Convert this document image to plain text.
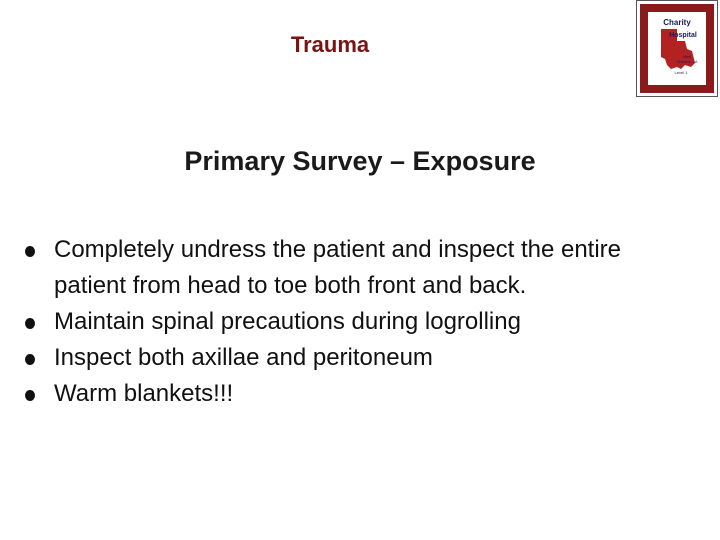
Trauma
Charity
Hospital
New
Orleans, LA
Level 1
Primary Survey – Exposure
Completely undress the patient and inspect the entire patient from head to toe both front and back.
Maintain spinal precautions during logrolling
Inspect both axillae and peritoneum
Warm blankets!!!
